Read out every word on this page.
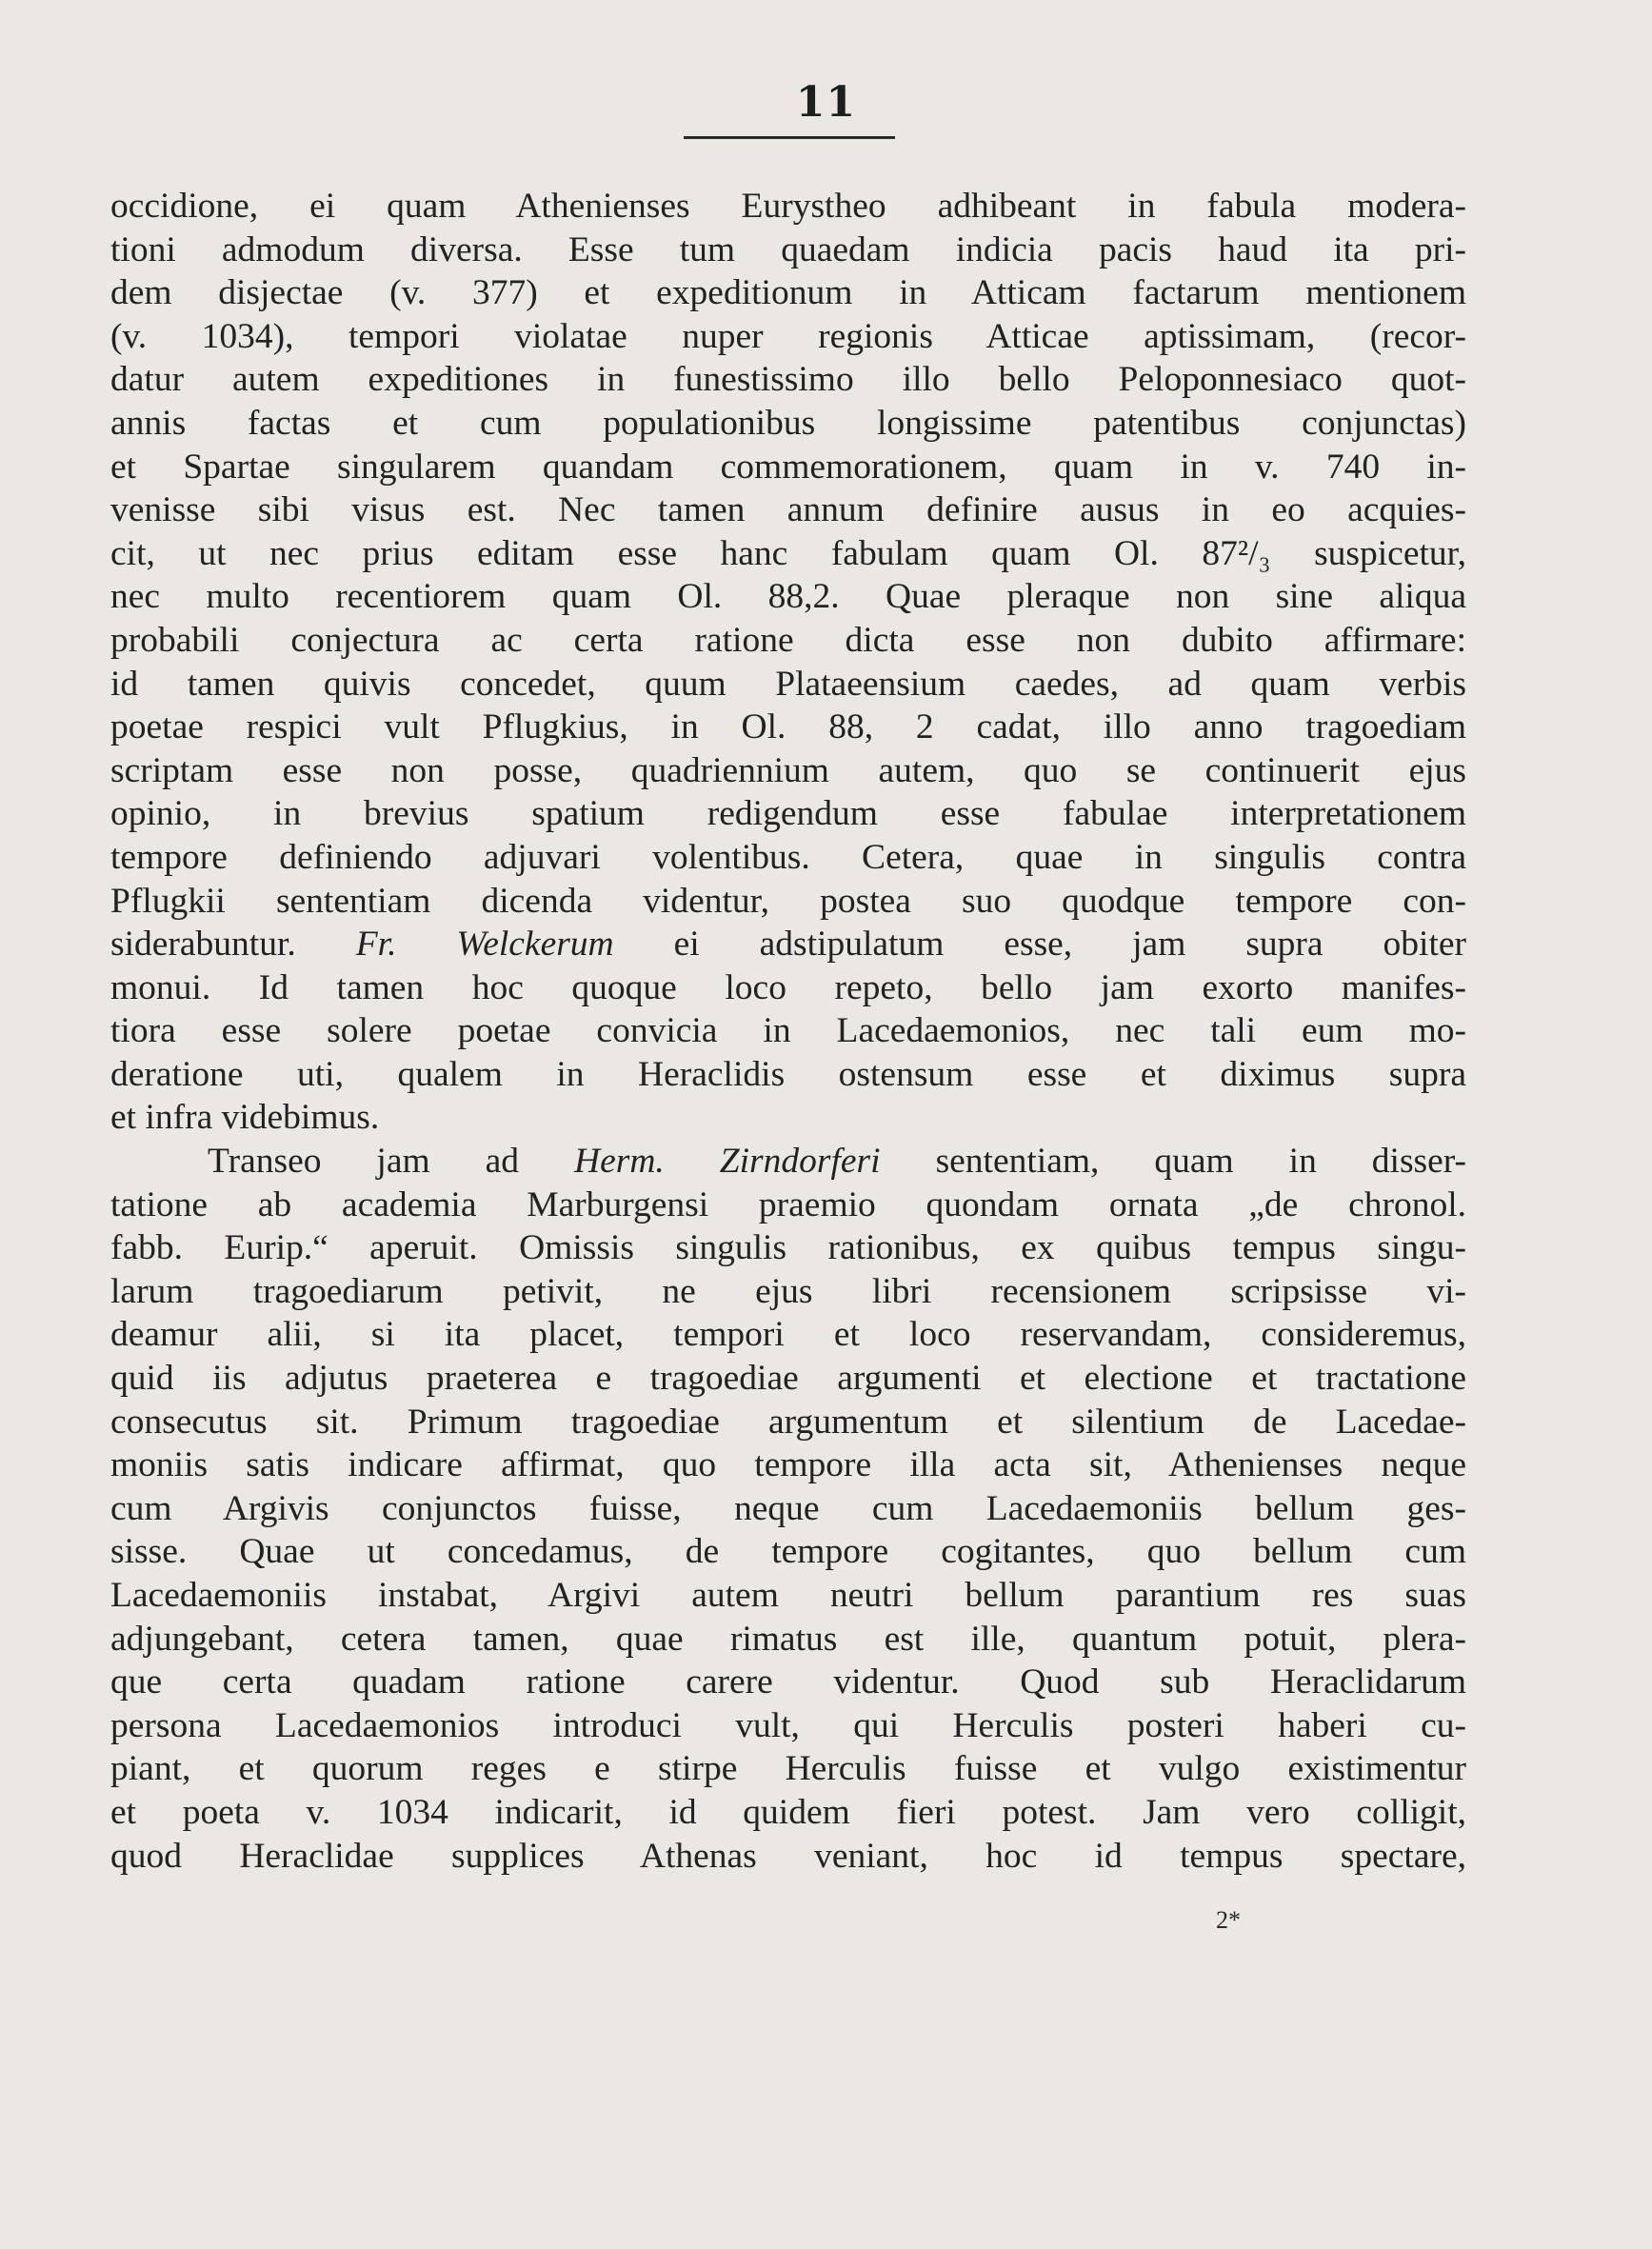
11

occidione, ei quam Athenienses Eurystheo adhibeant in fabula modera-
tioni admodum diversa. Esse tum quaedam indicia pacis haud ita pri-
dem disjectae (v. 377) et expeditionum in Atticam factarum mentionem
(v. 1034), tempori violatae nuper regionis Atticae aptissimam, (recor-
datur autem expeditiones in funestissimo illo bello Peloponnesiaco quot-
annis factas et cum populationibus longissime patentibus conjunctas)
et Spartae singularem quandam commemorationem, quam in v. 740 in-
venisse sibi visus est. Nec tamen annum definire ausus in eo acquies-
cit, ut nec prius editam esse hanc fabulam quam Ol. 87²/₃ suspicetur,
nec multo recentiorem quam Ol. 88,2. Quae pleraque non sine aliqua
probabili conjectura ac certa ratione dicta esse non dubito affirmare:
id tamen quivis concedet, quum Plataeensium caedes, ad quam verbis
poetae respici vult Pflugkius, in Ol. 88, 2 cadat, illo anno tragoediam
scriptam esse non posse, quadriennium autem, quo se continuerit ejus
opinio, in brevius spatium redigendum esse fabulae interpretationem
tempore definiendo adjuvari volentibus. Cetera, quae in singulis contra
Pflugkii sententiam dicenda videntur, postea suo quodque tempore con-
siderabuntur. Fr. Welckerum ei adstipulatum esse, jam supra obiter
monui. Id tamen hoc quoque loco repeto, bello jam exorto manifes-
tiora esse solere poetae convicia in Lacedaemonios, nec tali eum mo-
deratione uti, qualem in Heraclidis ostensum esse et diximus supra
et infra videbimus.

Transeo jam ad Herm. Zirndorferi sententiam, quam in disser-
tatione ab academia Marburgensi praemio quondam ornata „de chronol.
fabb. Eurip.“ aperuit. Omissis singulis rationibus, ex quibus tempus singu-
larum tragoediarum petivit, ne ejus libri recensionem scripsisse vi-
deamur alii, si ita placet, tempori et loco reservandam, consideremus,
quid iis adjutus praeterea e tragoediae argumenti et electione et tractatione
consecutus sit. Primum tragoediae argumentum et silentium de Lacedae-
moniis satis indicare affirmat, quo tempore illa acta sit, Athenienses neque
cum Argivis conjunctos fuisse, neque cum Lacedaemoniis bellum ges-
sisse. Quae ut concedamus, de tempore cogitantes, quo bellum cum
Lacedaemoniis instabat, Argivi autem neutri bellum parantium res suas
adjungebant, cetera tamen, quae rimatus est ille, quantum potuit, plera-
que certa quadam ratione carere videntur. Quod sub Heraclidarum
persona Lacedaemonios introduci vult, qui Herculis posteri haberi cu-
piant, et quorum reges e stirpe Herculis fuisse et vulgo existimentur
et poeta v. 1034 indicarit, id quidem fieri potest. Jam vero colligit,
quod Heraclidae supplices Athenas veniant, hoc id tempus spectare,

2*
